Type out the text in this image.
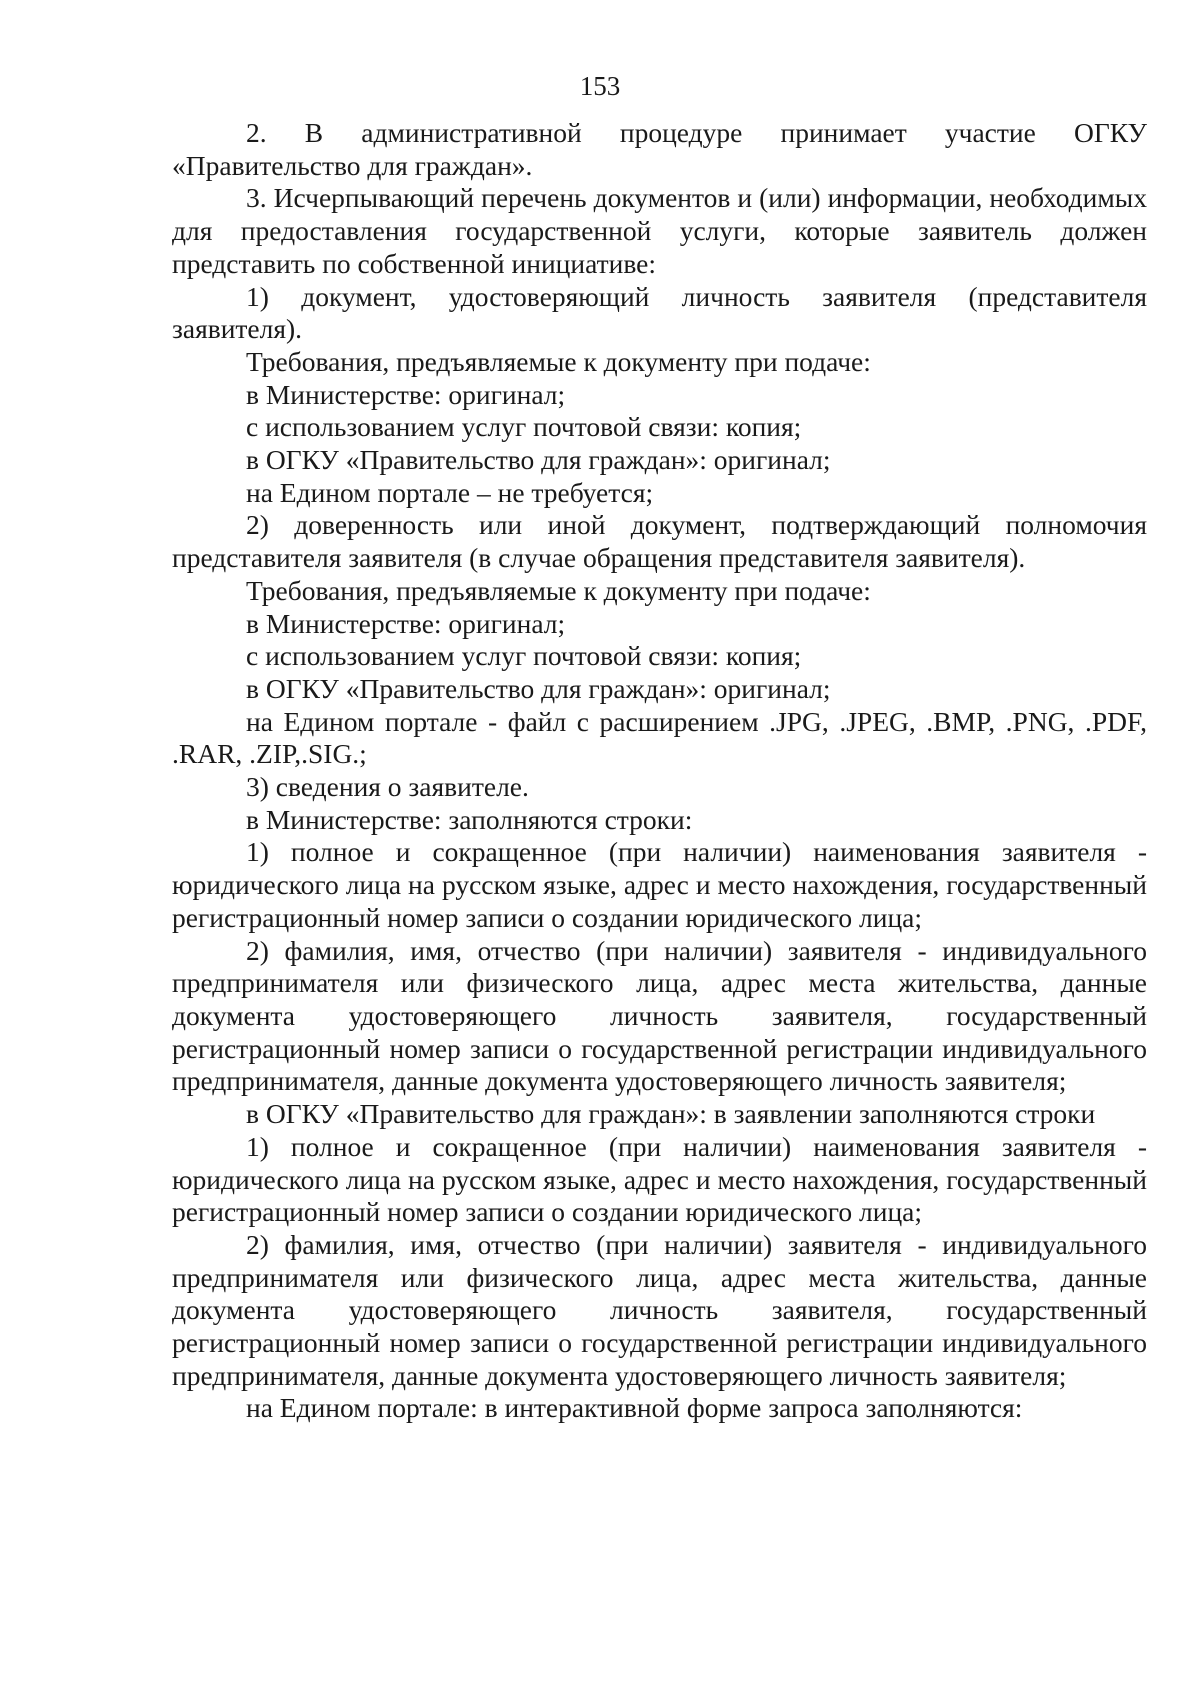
153

2. В административной процедуре принимает участие ОГКУ «Правительство для граждан».

3. Исчерпывающий перечень документов и (или) информации, необходимых для предоставления государственной услуги, которые заявитель должен представить по собственной инициативе:

1) документ, удостоверяющий личность заявителя (представителя заявителя).

Требования, предъявляемые к документу при подаче:

в Министерстве: оригинал;

с использованием услуг почтовой связи: копия;

в ОГКУ «Правительство для граждан»: оригинал;

на Едином портале – не требуется;

2) доверенность или иной документ, подтверждающий полномочия представителя заявителя (в случае обращения представителя заявителя).

Требования, предъявляемые к документу при подаче:

в Министерстве: оригинал;

с использованием услуг почтовой связи: копия;

в ОГКУ «Правительство для граждан»: оригинал;

на Едином портале - файл с расширением .JPG, .JPEG, .BMP, .PNG, .PDF, .RAR, .ZIP,.SIG.;

3) сведения о заявителе.

в Министерстве: заполняются строки:

1) полное и сокращенное (при наличии) наименования заявителя - юридического лица на русском языке, адрес и место нахождения, государственный регистрационный номер записи о создании юридического лица;

2) фамилия, имя, отчество (при наличии) заявителя - индивидуального предпринимателя или физического лица, адрес места жительства, данные документа удостоверяющего личность заявителя, государственный регистрационный номер записи о государственной регистрации индивидуального предпринимателя, данные документа удостоверяющего личность заявителя;

в ОГКУ «Правительство для граждан»: в заявлении заполняются строки

1) полное и сокращенное (при наличии) наименования заявителя - юридического лица на русском языке, адрес и место нахождения, государственный регистрационный номер записи о создании юридического лица;

2) фамилия, имя, отчество (при наличии) заявителя - индивидуального предпринимателя или физического лица, адрес места жительства, данные документа удостоверяющего личность заявителя, государственный регистрационный номер записи о государственной регистрации индивидуального предпринимателя, данные документа удостоверяющего личность заявителя;

на Едином портале: в интерактивной форме запроса заполняются:
